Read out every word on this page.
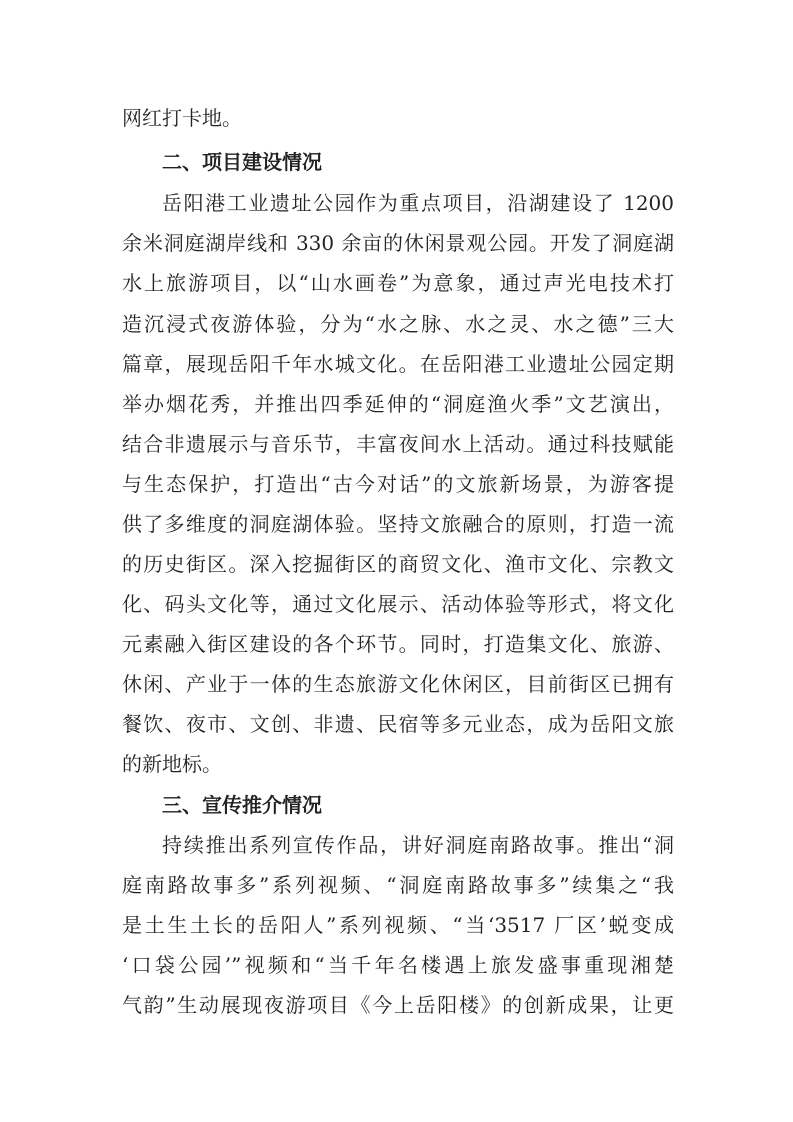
网红打卡地。
二、项目建设情况
岳阳港工业遗址公园作为重点项目，沿湖建设了 1200
余米洞庭湖岸线和 330 余亩的休闲景观公园。开发了洞庭湖
水上旅游项目，以“山水画卷”为意象，通过声光电技术打
造沉浸式夜游体验，分为“水之脉、水之灵、水之德”三大
篇章，展现岳阳千年水城文化。在岳阳港工业遗址公园定期
举办烟花秀，并推出四季延伸的“洞庭渔火季”文艺演出，
结合非遗展示与音乐节，丰富夜间水上活动。通过科技赋能
与生态保护，打造出“古今对话”的文旅新场景，为游客提
供了多维度的洞庭湖体验。坚持文旅融合的原则，打造一流
的历史街区。深入挖掘街区的商贸文化、渔市文化、宗教文
化、码头文化等，通过文化展示、活动体验等形式，将文化
元素融入街区建设的各个环节。同时，打造集文化、旅游、
休闲、产业于一体的生态旅游文化休闲区，目前街区已拥有
餐饮、夜市、文创、非遗、民宿等多元业态，成为岳阳文旅
的新地标。
三、宣传推介情况
持续推出系列宣传作品，讲好洞庭南路故事。推出“洞
庭南路故事多”系列视频、“洞庭南路故事多”续集之“我
是土生土长的岳阳人”系列视频、“当‘3517 厂区’蜕变成
‘口袋公园’”视频和“当千年名楼遇上旅发盛事重现湘楚
气韵”生动展现夜游项目《今上岳阳楼》的创新成果，让更
